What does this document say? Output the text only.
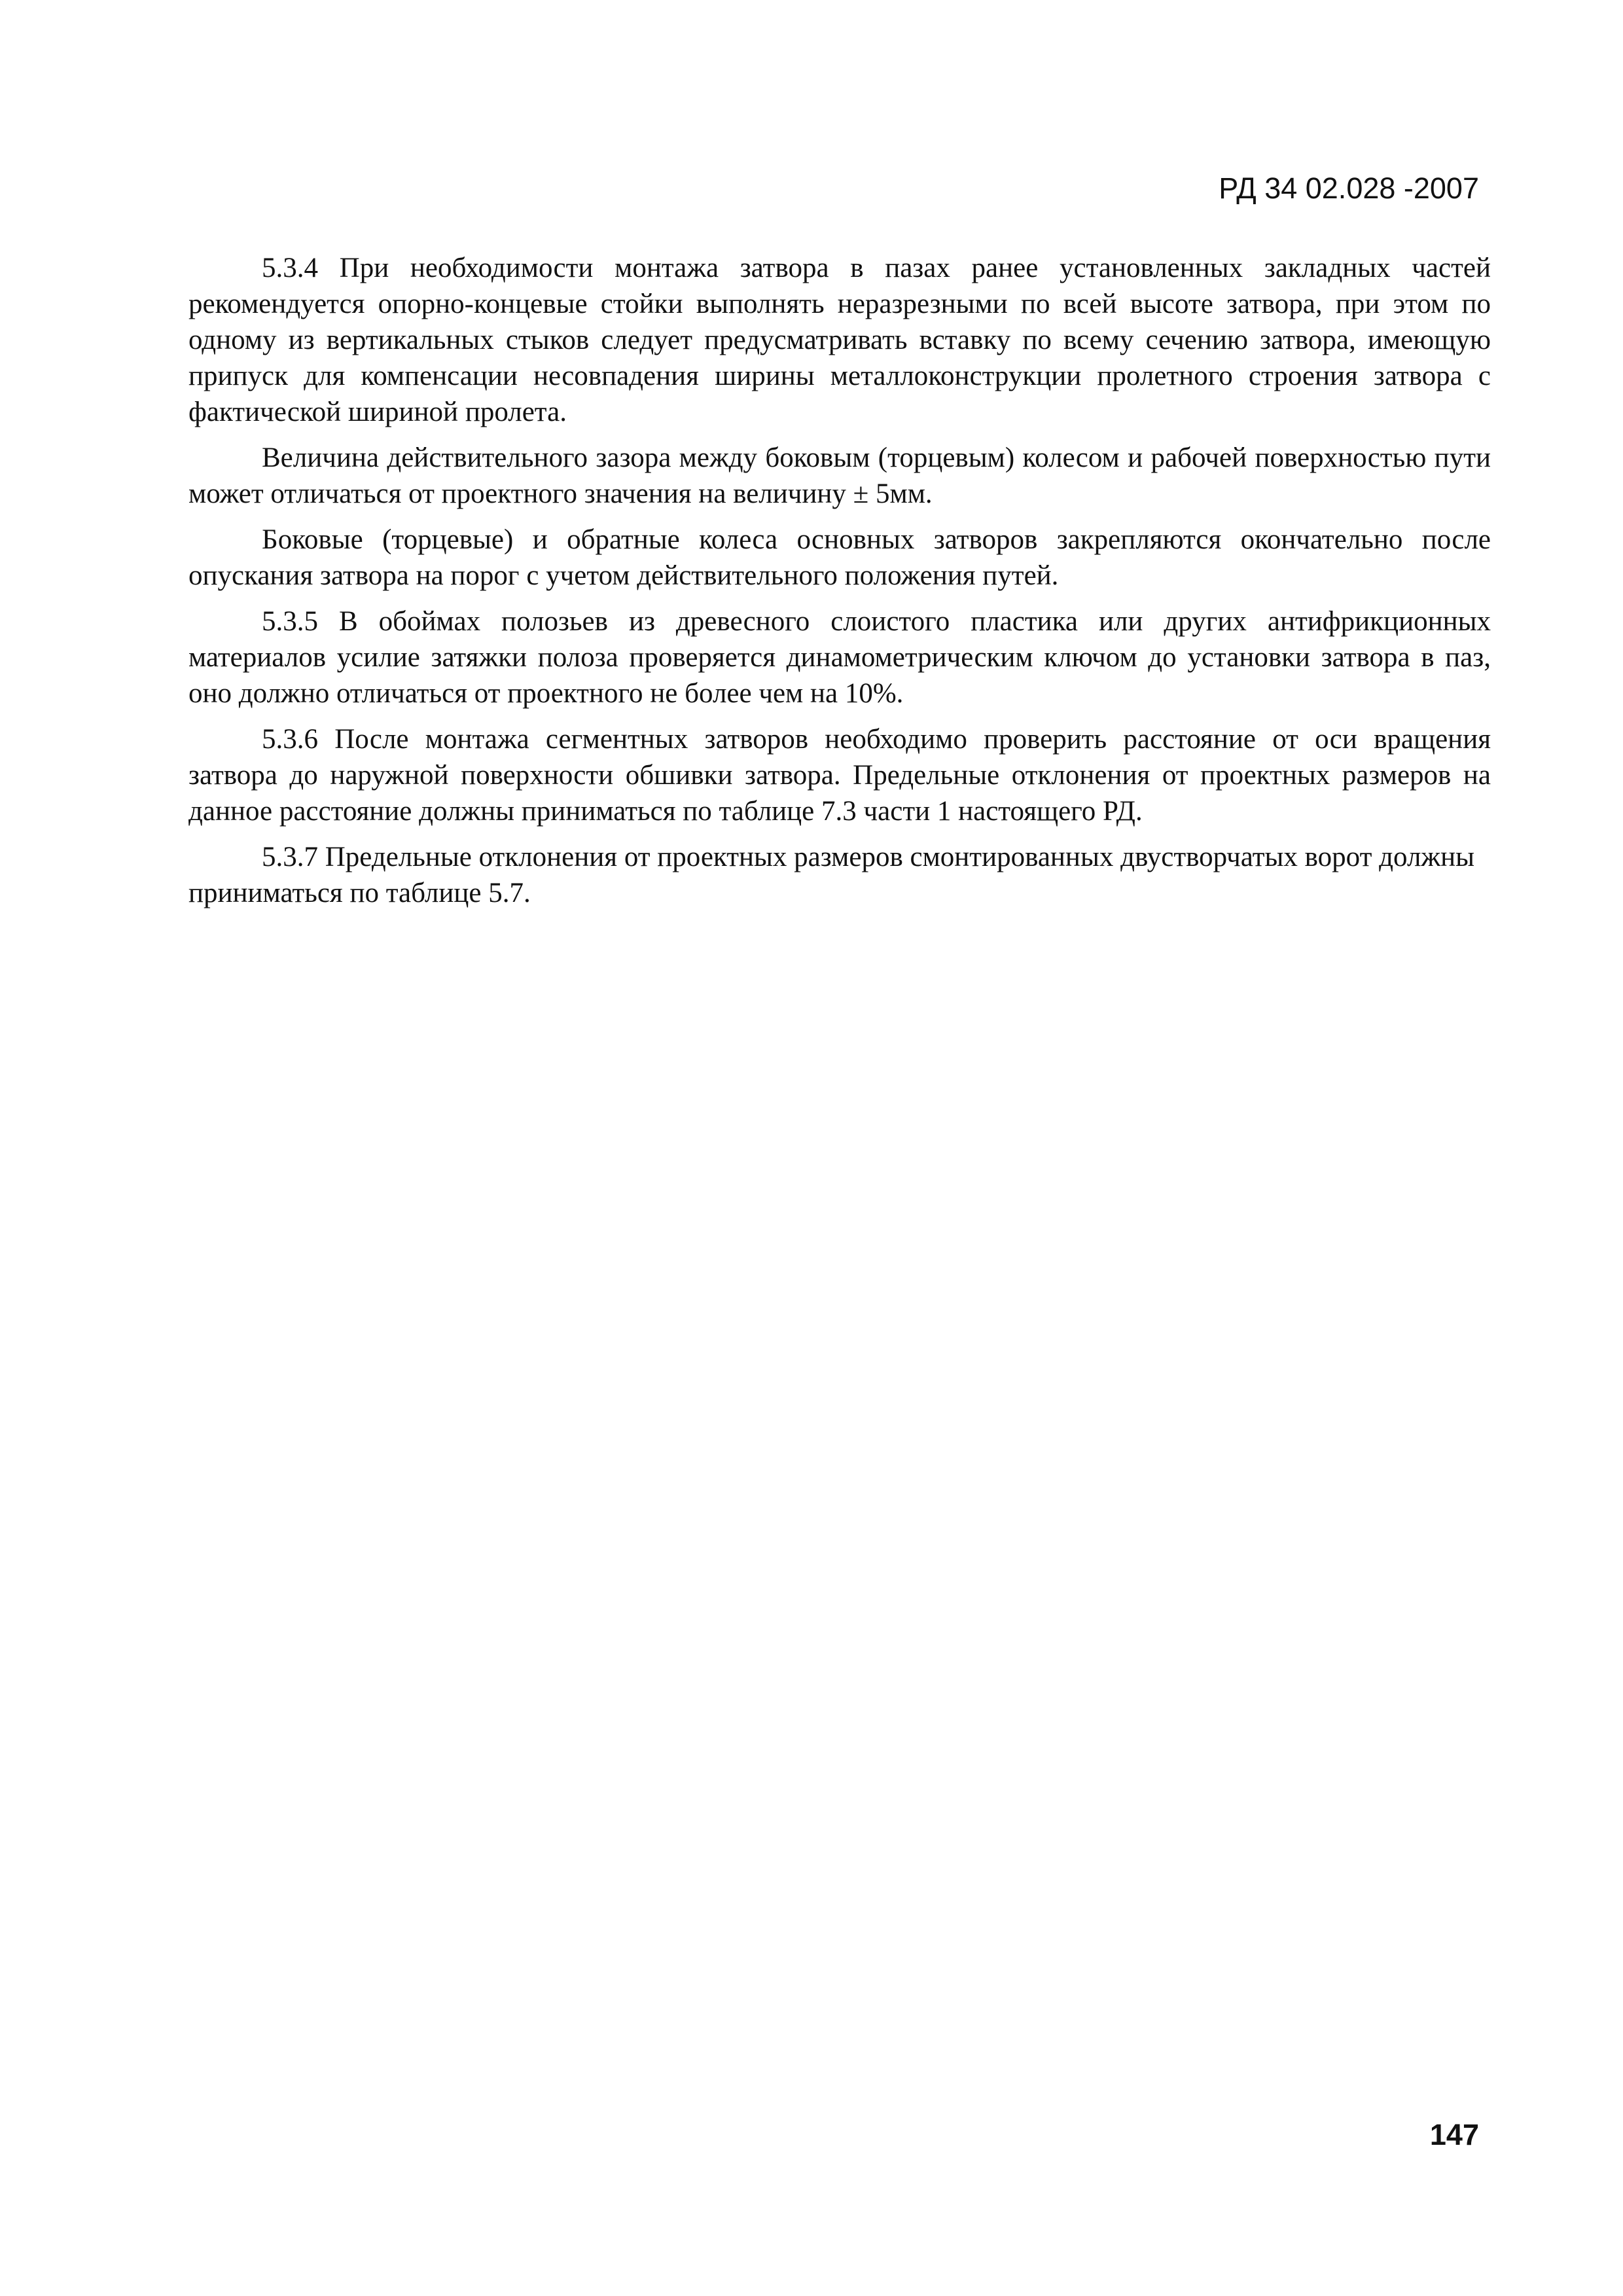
РД 34 02.028 -2007

5.3.4 При необходимости монтажа затвора в пазах ранее установленных закладных частей рекомендуется опорно-концевые стойки выполнять неразрезными по всей высоте затвора, при этом по одному из вертикальных стыков следует предусматривать вставку по всему сечению затвора, имеющую припуск для компенсации несовпадения ширины металлоконструкции пролетного строения затвора с фактической шириной пролета.

Величина действительного зазора между боковым (торцевым) колесом и рабочей поверхностью пути может отличаться от проектного значения на величину ± 5мм.

Боковые (торцевые) и обратные колеса основных затворов закрепляются окончательно после опускания затвора на порог с учетом действительного положения путей.

5.3.5 В обоймах полозьев из древесного слоистого пластика или других антифрикционных материалов усилие затяжки полоза проверяется динамометрическим ключом до установки затвора в паз, оно должно отличаться от проектного не более чем на 10%.

5.3.6 После монтажа сегментных затворов необходимо проверить расстояние от оси вращения затвора до наружной поверхности обшивки затвора. Предельные отклонения от проектных размеров на данное расстояние должны приниматься по таблице 7.3 части 1 настоящего РД.

5.3.7 Предельные отклонения от проектных размеров смонтированных двустворчатых ворот должны приниматься по таблице 5.7.

147
